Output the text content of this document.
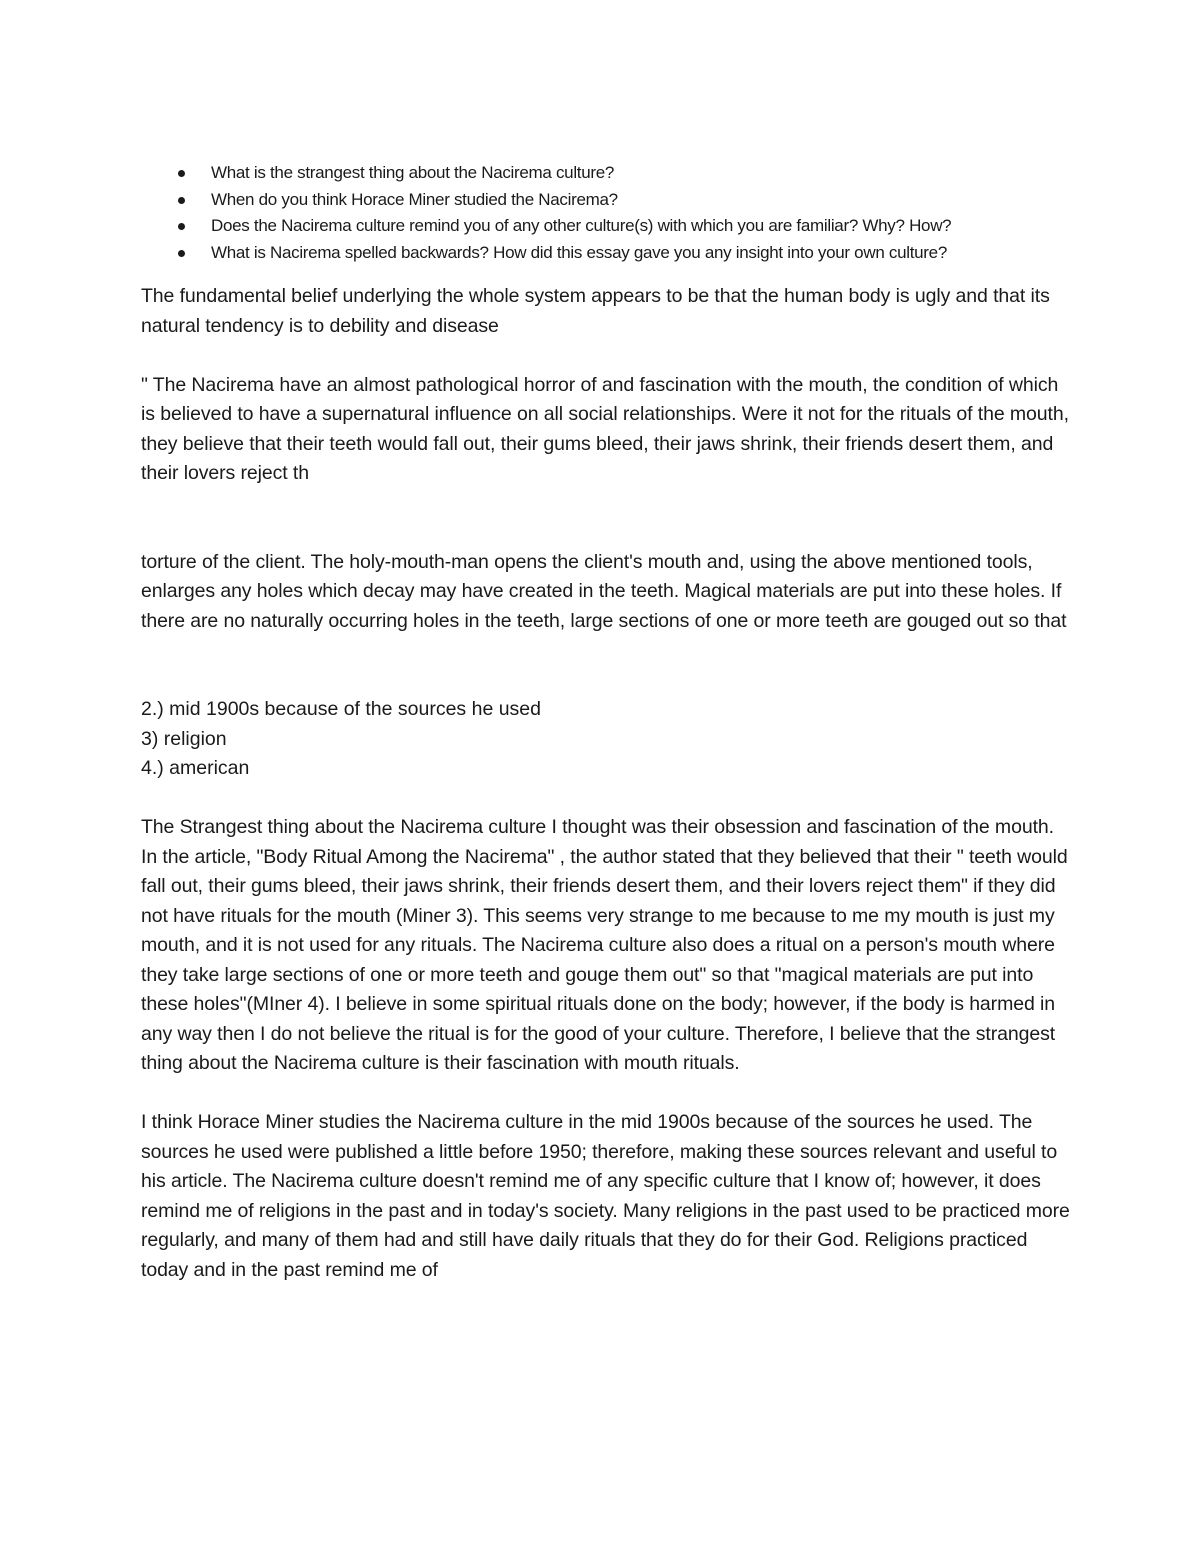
What is the strangest thing about the Nacirema culture?
When do you think Horace Miner studied the Nacirema?
Does the Nacirema culture remind you of any other culture(s) with which you are familiar? Why? How?
What is Nacirema spelled backwards? How did this essay gave you any insight into your own culture?

The fundamental belief underlying the whole system appears to be that the human body is ugly and that its natural tendency is to debility and disease

" The Nacirema have an almost pathological horror of and fascination with the mouth, the condition of which is believed to have a supernatural influence on all social relationships. Were it not for the rituals of the mouth, they believe that their teeth would fall out, their gums bleed, their jaws shrink, their friends desert them, and their lovers reject th

torture of the client. The holy-mouth-man opens the client's mouth and, using the above mentioned tools, enlarges any holes which decay may have created in the teeth. Magical materials are put into these holes. If there are no naturally occurring holes in the teeth, large sections of one or more teeth are gouged out so that

2.) mid 1900s because of the sources he used
3) religion
4.) american

The Strangest thing about the Nacirema culture I thought was their obsession and fascination of the mouth. In the article, "Body Ritual Among the Nacirema" , the author stated that they believed that their " teeth would fall out, their gums bleed, their jaws shrink, their friends desert them, and their lovers reject them" if they did not have rituals for the mouth (Miner 3). This seems very strange to me because to me my mouth is just my mouth, and it is not used for any rituals. The Nacirema culture also does a ritual on a person's mouth where they take large sections of one or more teeth and gouge them out" so that "magical materials are put into these holes"(MIner 4). I believe in some spiritual rituals done on the body; however, if the body is harmed in any way then I do not believe the ritual is for the good of your culture. Therefore, I believe that the strangest thing about the Nacirema culture is their fascination with mouth rituals.

I think Horace Miner studies the Nacirema culture in the mid 1900s because of the sources he used. The sources he used were published a little before 1950; therefore, making these sources relevant and useful to his article. The Nacirema culture doesn't remind me of any specific culture that I know of; however, it does remind me of religions in the past and in today's society. Many religions in the past used to be practiced more regularly, and many of them had and still have daily rituals that they do for their God. Religions practiced today and in the past remind me of
